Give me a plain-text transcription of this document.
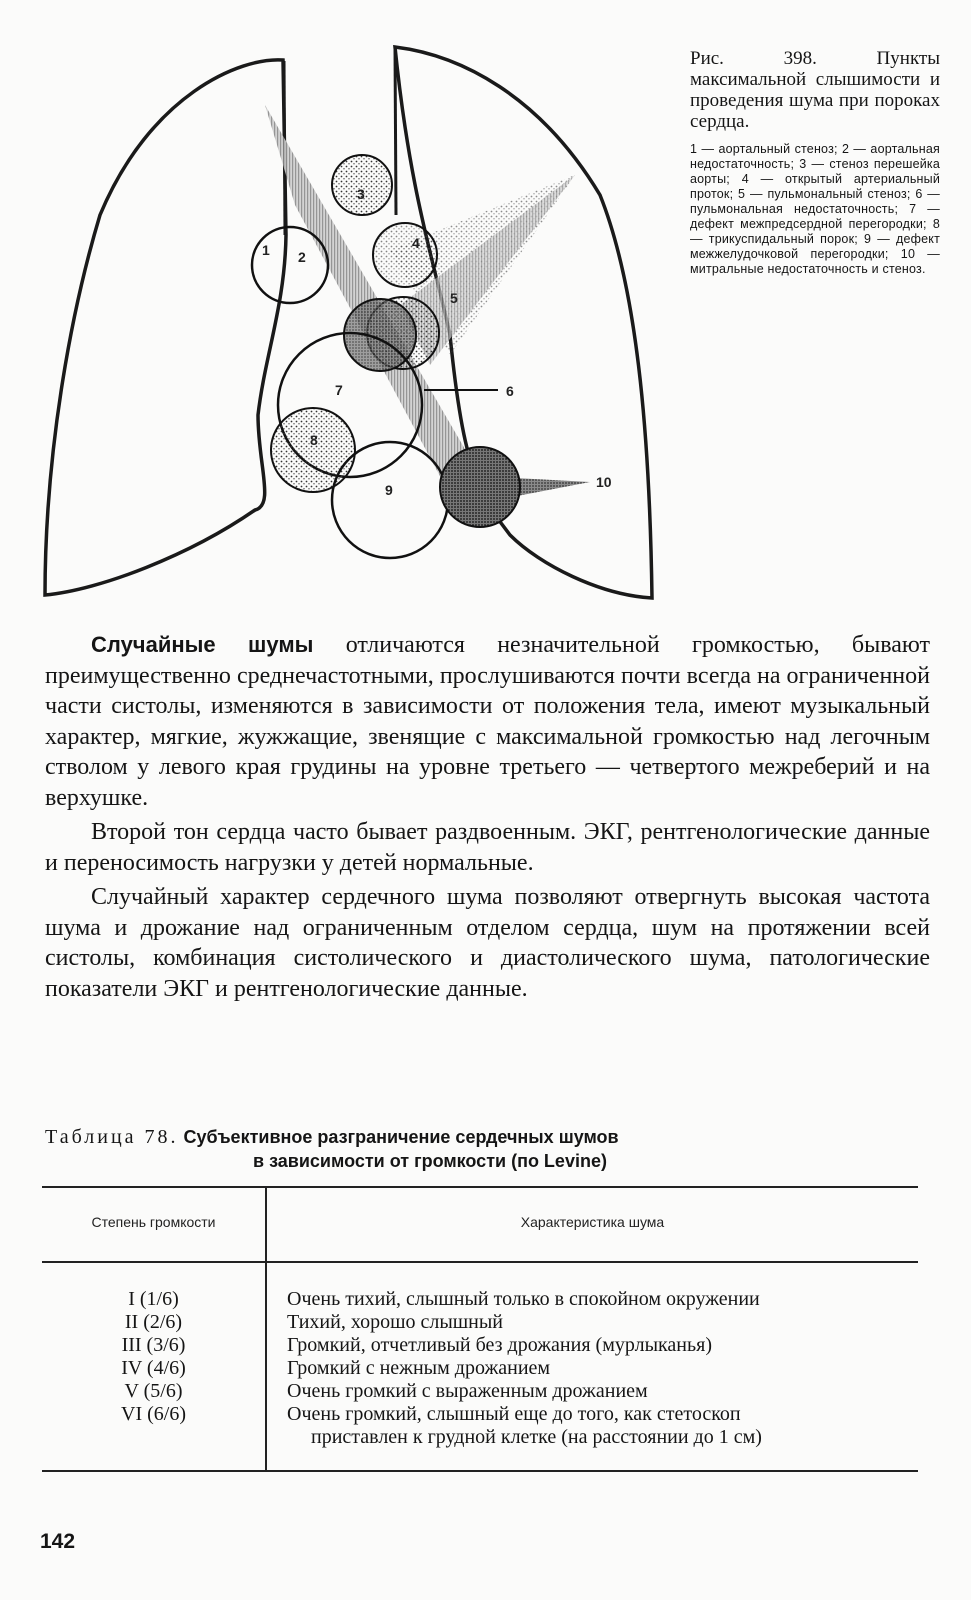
1 2
3
4
5
6
7
8
9	10
Рис. 398. Пункты максимальной слышимости и проведения шума при пороках сердца.
1 — аортальный стеноз; 2 — аортальная недостаточность; 3 — стеноз перешейка аорты; 4 — открытый артериальный проток; 5 — пульмональный стеноз; 6 — пульмональная недостаточность; 7 — дефект межпредсердной перегородки; 8 — трикуспидальный порок; 9 — дефект межжелудочковой перегородки; 10 — митральные недостаточность и стеноз.

Случайные шумы отличаются незначительной громкостью, бывают преимущественно среднечастотными, прослушиваются почти всегда на ограниченной части систолы, изменяются в зависимости от положения тела, имеют музыкальный характер, мягкие, жужжащие, звенящие с максимальной громкостью над легочным стволом у левого края грудины на уровне третьего — четвертого межреберий и на верхушке.

Второй тон сердца часто бывает раздвоенным. ЭКГ, рентгенологические данные и переносимость нагрузки у детей нормальные.

Случайный характер сердечного шума позволяют отвергнуть высокая частота шума и дрожание над ограниченным отделом сердца, шум на протяжении всей систолы, комбинация систолического и диастолического шума, патологические показатели ЭКГ и рентгенологические данные.

Таблица 78. Субъективное разграничение сердечных шумов
в зависимости от громкости (по Levine)
Степень громкости	Характеристика шума
I (1/6)	Очень тихий, слышный только в спокойном окружении
II (2/6)	Тихий, хорошо слышный
III (3/6)	Громкий, отчетливый без дрожания (мурлыканья)
IV (4/6)	Громкий с нежным дрожанием
V (5/6)	Очень громкий с выраженным дрожанием
VI (6/6)	Очень громкий, слышный еще до того, как стетоскоп
приставлен к грудной клетке (на расстоянии до 1 см)
142
